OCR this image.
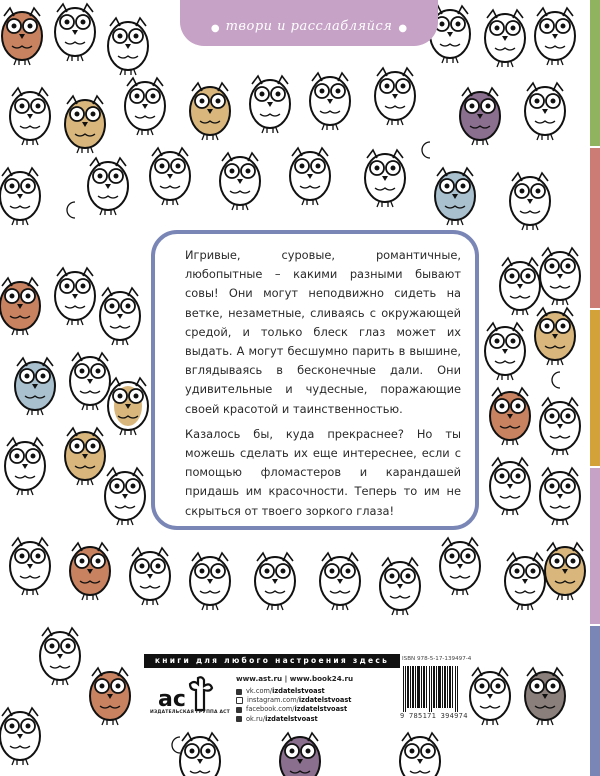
● твори и расслабляйся ●

Игривые, суровые, романтичные, любопытные – какими разными бывают совы! Они могут неподвижно сидеть на ветке, незаметные, сливаясь с окружающей средой, и только блеск глаз может их выдать. А могут бесшумно парить в вышине, вглядываясь в бесконечные дали. Они удивительные и чудесные, поражающие своей красотой и таинственностью.

Казалось бы, куда прекраснее? Но ты можешь сделать их еще интереснее, если с помощью фломастеров и карандашей придашь им красочности. Теперь то им не скрыться от твоего зоркого глаза!

книги для любого настроения здесь
ac
ИЗДАТЕЛЬСКАЯ ГРУППА АСТ
www.ast.ru | www.book24.ru
vk.com/ izdatelstvoast
instagram.com/ izdatelstvoast
facebook.com/ izdatelstvoast
ok.ru/ izdatelstvoast
ISBN 978-5-17-139497-4
9 785171 394974
